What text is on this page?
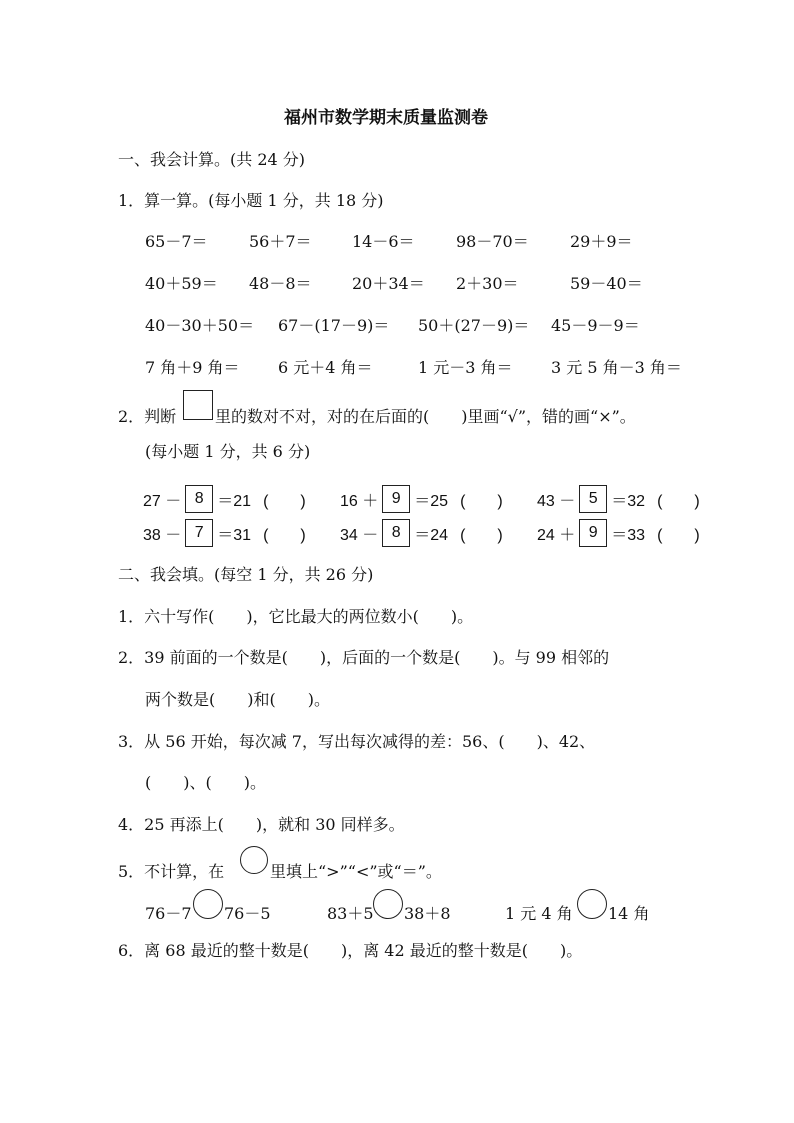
福州市数学期末质量监测卷
一、我会计算。(共 24 分)
1．算一算。(每小题 1 分，共 18 分)
65－7＝	56＋7＝	14－6＝	98－70＝	29＋9＝
40＋59＝ 48－8＝	20＋34＝ 2＋30＝	59－40＝
40－30＋50＝ 67－(17－9)＝ 50＋(27－9)＝ 45－9－9＝
7 角＋9 角＝ 6 元＋4 角＝	1 元－3 角＝ 3 元 5 角－3 角＝
2．判断 里的数对不对，对的在后面的(　　)里画“√”，错的画“×”。
(每小题 1 分，共 6 分)
27 － 8 ＝21 (　　) 16 ＋ 9 ＝25 (　　) 43 － 5 ＝32 (　　)
38 － 7 ＝31 (　　) 34 － 8 ＝24 (　　) 24 ＋ 9 ＝33 (　　)
二、我会填。(每空 1 分，共 26 分)
1．六十写作(　　)，它比最大的两位数小(　　)。
2．39 前面的一个数是(　　)，后面的一个数是(　　)。与 99 相邻的
两个数是(　　)和(　　)。
3．从 56 开始，每次减 7，写出每次减得的差：56、(　　)、42、
(　　)、(　　)。
4．25 再添上(　　)，就和 30 同样多。
5．不计算，在	里填上“>”“<”或“＝”。
76－7 76－5	83＋5 38＋8	1 元 4 角 14 角
6．离 68 最近的整十数是(　　)，离 42 最近的整十数是(　　)。
